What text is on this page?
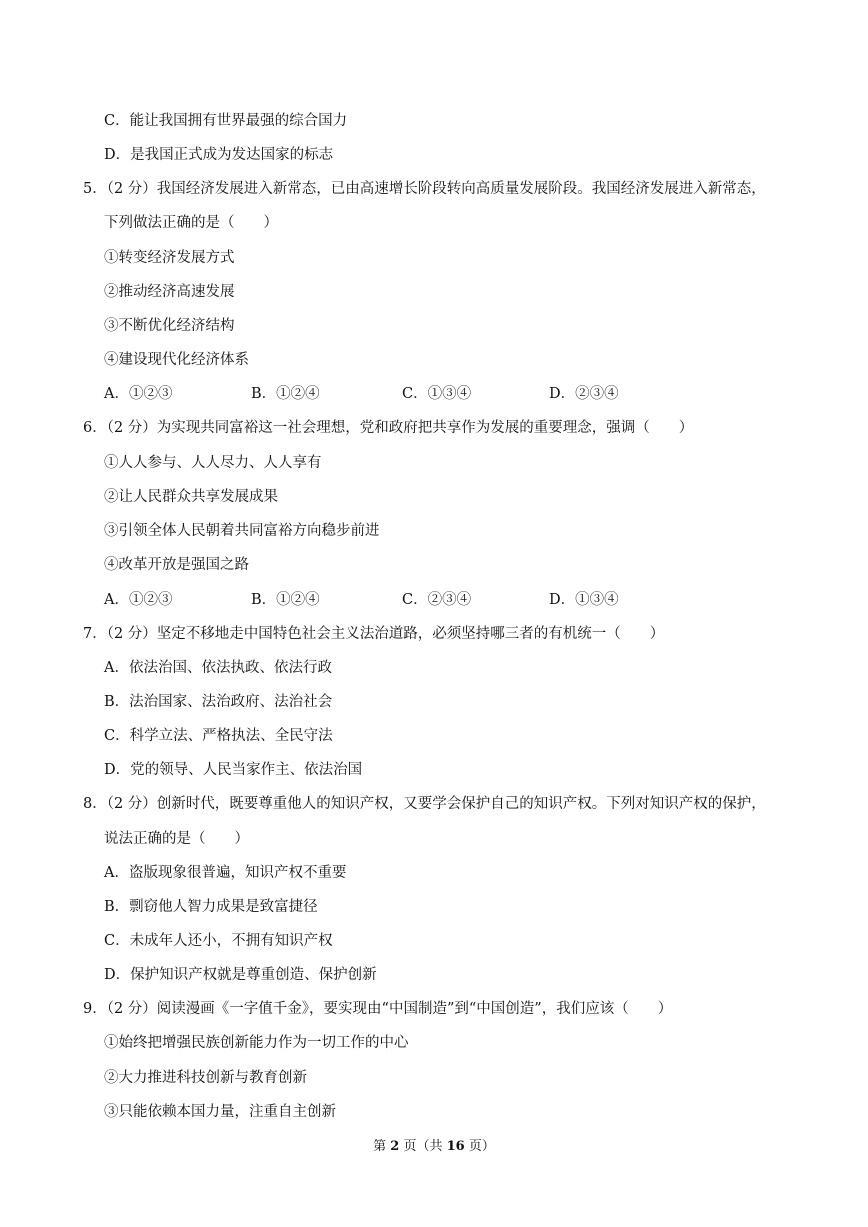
C．能让我国拥有世界最强的综合国力
D．是我国正式成为发达国家的标志
5．（2 分）我国经济发展进入新常态，已由高速增长阶段转向高质量发展阶段。我国经济发展进入新常态，
下列做法正确的是（　　）
①转变经济发展方式
②推动经济高速发展
③不断优化经济结构
④建设现代化经济体系
A．①②③	B．①②④	C．①③④	D．②③④
6．（2 分）为实现共同富裕这一社会理想，党和政府把共享作为发展的重要理念，强调（　　）
①人人参与、人人尽力、人人享有
②让人民群众共享发展成果
③引领全体人民朝着共同富裕方向稳步前进
④改革开放是强国之路
A．①②③	B．①②④	C．②③④	D．①③④
7．（2 分）坚定不移地走中国特色社会主义法治道路，必须坚持哪三者的有机统一（　　）
A．依法治国、依法执政、依法行政
B．法治国家、法治政府、法治社会
C．科学立法、严格执法、全民守法
D．党的领导、人民当家作主、依法治国
8．（2 分）创新时代，既要尊重他人的知识产权，又要学会保护自己的知识产权。下列对知识产权的保护，
说法正确的是（　　）
A．盗版现象很普遍，知识产权不重要
B．剽窃他人智力成果是致富捷径
C．未成年人还小，不拥有知识产权
D．保护知识产权就是尊重创造、保护创新
9．（2 分）阅读漫画《一字值千金》，要实现由“中国制造”到“中国创造”，我们应该（　　）
①始终把增强民族创新能力作为一切工作的中心
②大力推进科技创新与教育创新
③只能依赖本国力量，注重自主创新
第 2 页（共 16 页）
